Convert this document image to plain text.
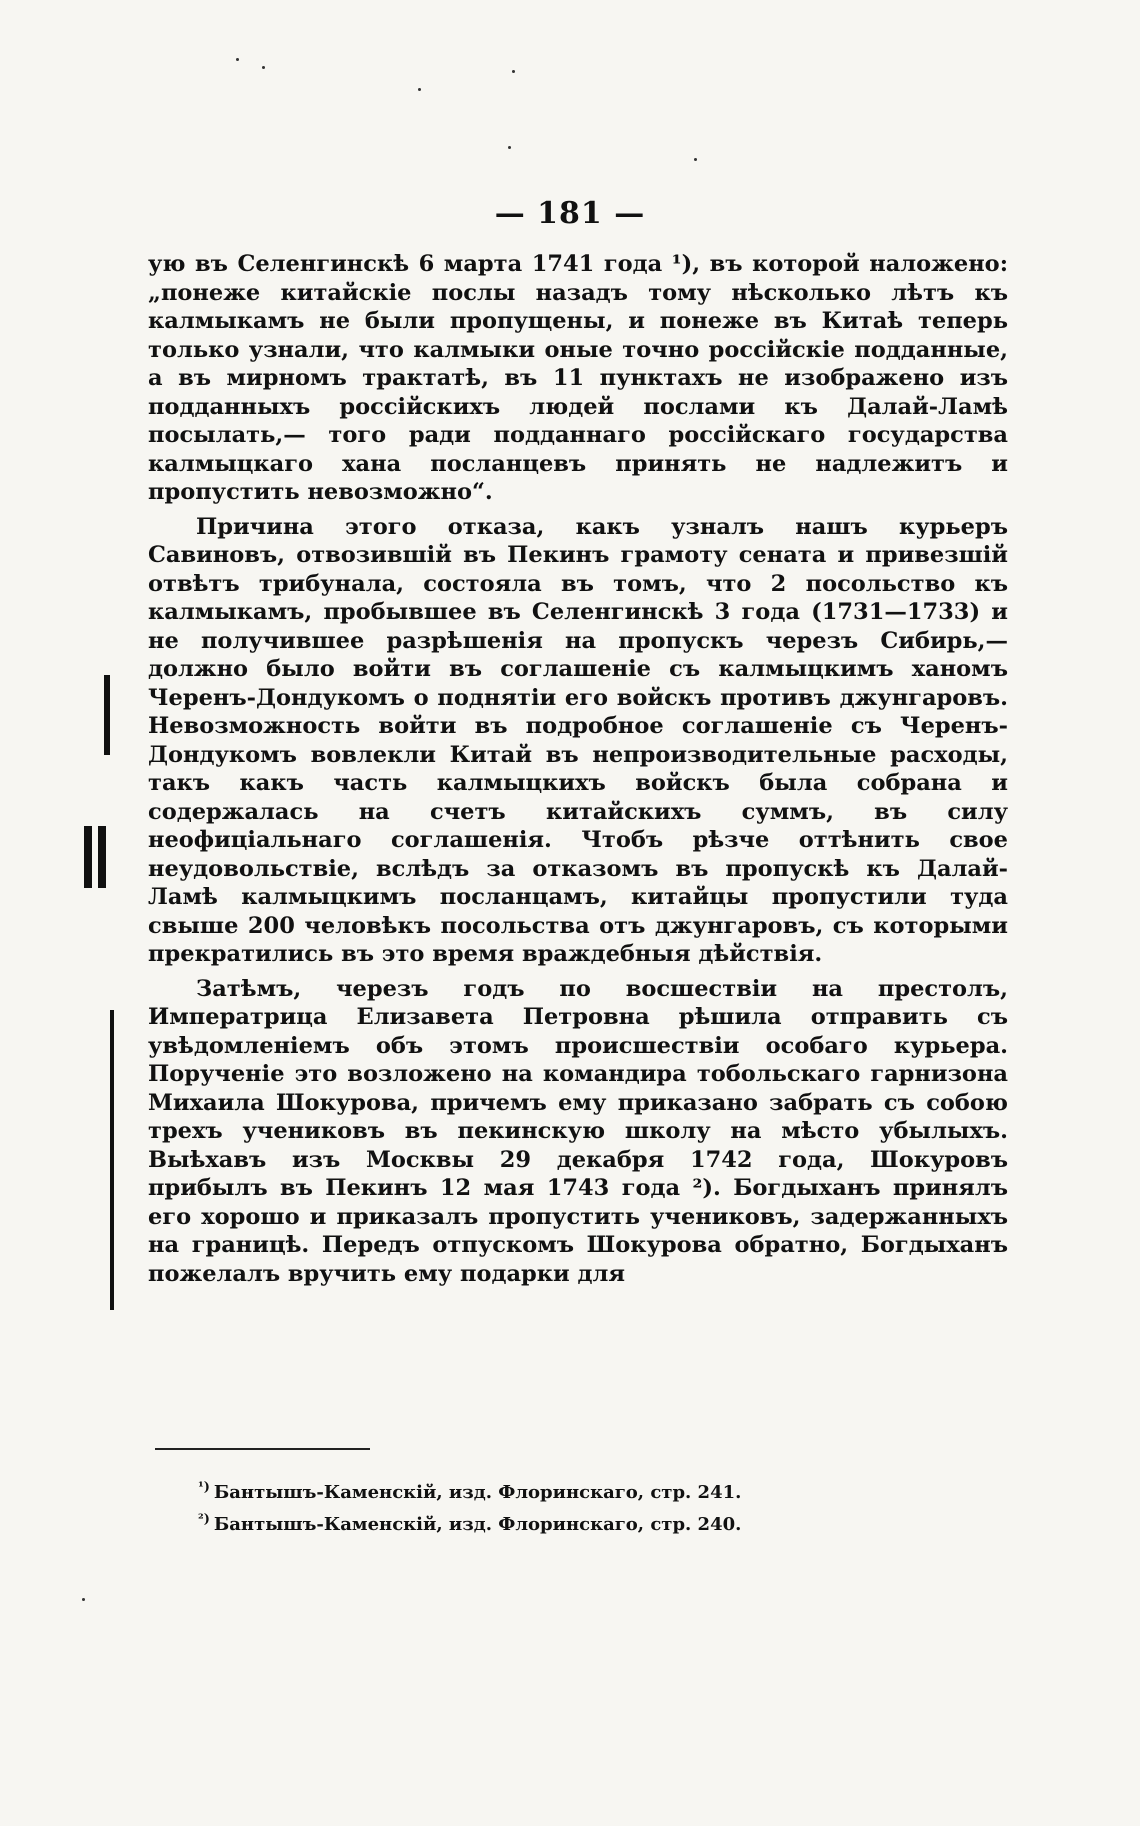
— 181 —

ую въ Селенгинскѣ 6 марта 1741 года ¹), въ которой наложено: „понеже китайскіе послы назадъ тому нѣсколько лѣтъ къ калмыкамъ не были пропущены, и понеже въ Китаѣ теперь только узнали, что калмыки оные точно россійскіе подданные, а въ мирномъ трактатѣ, въ 11 пунктахъ не изображено изъ подданныхъ россійскихъ людей послами къ Далай-Ламѣ посылать,— того ради подданнаго россійскаго государства калмыцкаго хана посланцевъ принять не надлежитъ и пропустить невозможно“.

Причина этого отказа, какъ узналъ нашъ курьеръ Савиновъ, отвозившій въ Пекинъ грамоту сената и привезшій отвѣтъ трибунала, состояла въ томъ, что 2 посольство къ калмыкамъ, пробывшее въ Селенгинскѣ 3 года (1731—1733) и не получившее разрѣшенія на пропускъ черезъ Сибирь,—должно было войти въ соглашеніе съ калмыцкимъ ханомъ Черенъ-Дондукомъ о поднятіи его войскъ противъ джунгаровъ. Невозможность войти въ подробное соглашеніе съ Черенъ-Дондукомъ вовлекли Китай въ непроизводительные расходы, такъ какъ часть калмыцкихъ войскъ была собрана и содержалась на счетъ китайскихъ суммъ, въ силу неофиціальнаго соглашенія. Чтобъ рѣзче оттѣнить свое неудовольствіе, вслѣдъ за отказомъ въ пропускѣ къ Далай-Ламѣ калмыцкимъ посланцамъ, китайцы пропустили туда свыше 200 человѣкъ посольства отъ джунгаровъ, съ которыми прекратились въ это время враждебныя дѣйствія.

Затѣмъ, черезъ годъ по восшествіи на престолъ, Императрица Елизавета Петровна рѣшила отправить съ увѣдомленіемъ объ этомъ происшествіи особаго курьера. Порученіе это возложено на командира тобольскаго гарнизона Михаила Шокурова, причемъ ему приказано забрать съ собою трехъ учениковъ въ пекинскую школу на мѣсто убылыхъ. Выѣхавъ изъ Москвы 29 декабря 1742 года, Шокуровъ прибылъ въ Пекинъ 12 мая 1743 года ²). Богдыханъ принялъ его хорошо и приказалъ пропустить учениковъ, задержанныхъ на границѣ. Передъ отпускомъ Шокурова обратно, Богдыханъ пожелалъ вручить ему подарки для

$^{^1)}$ Бантышъ-Каменскій, изд. Флоринскаго, стр. 241.

$^{^2)}$ Бантышъ-Каменскій, изд. Флоринскаго, стр. 240.
